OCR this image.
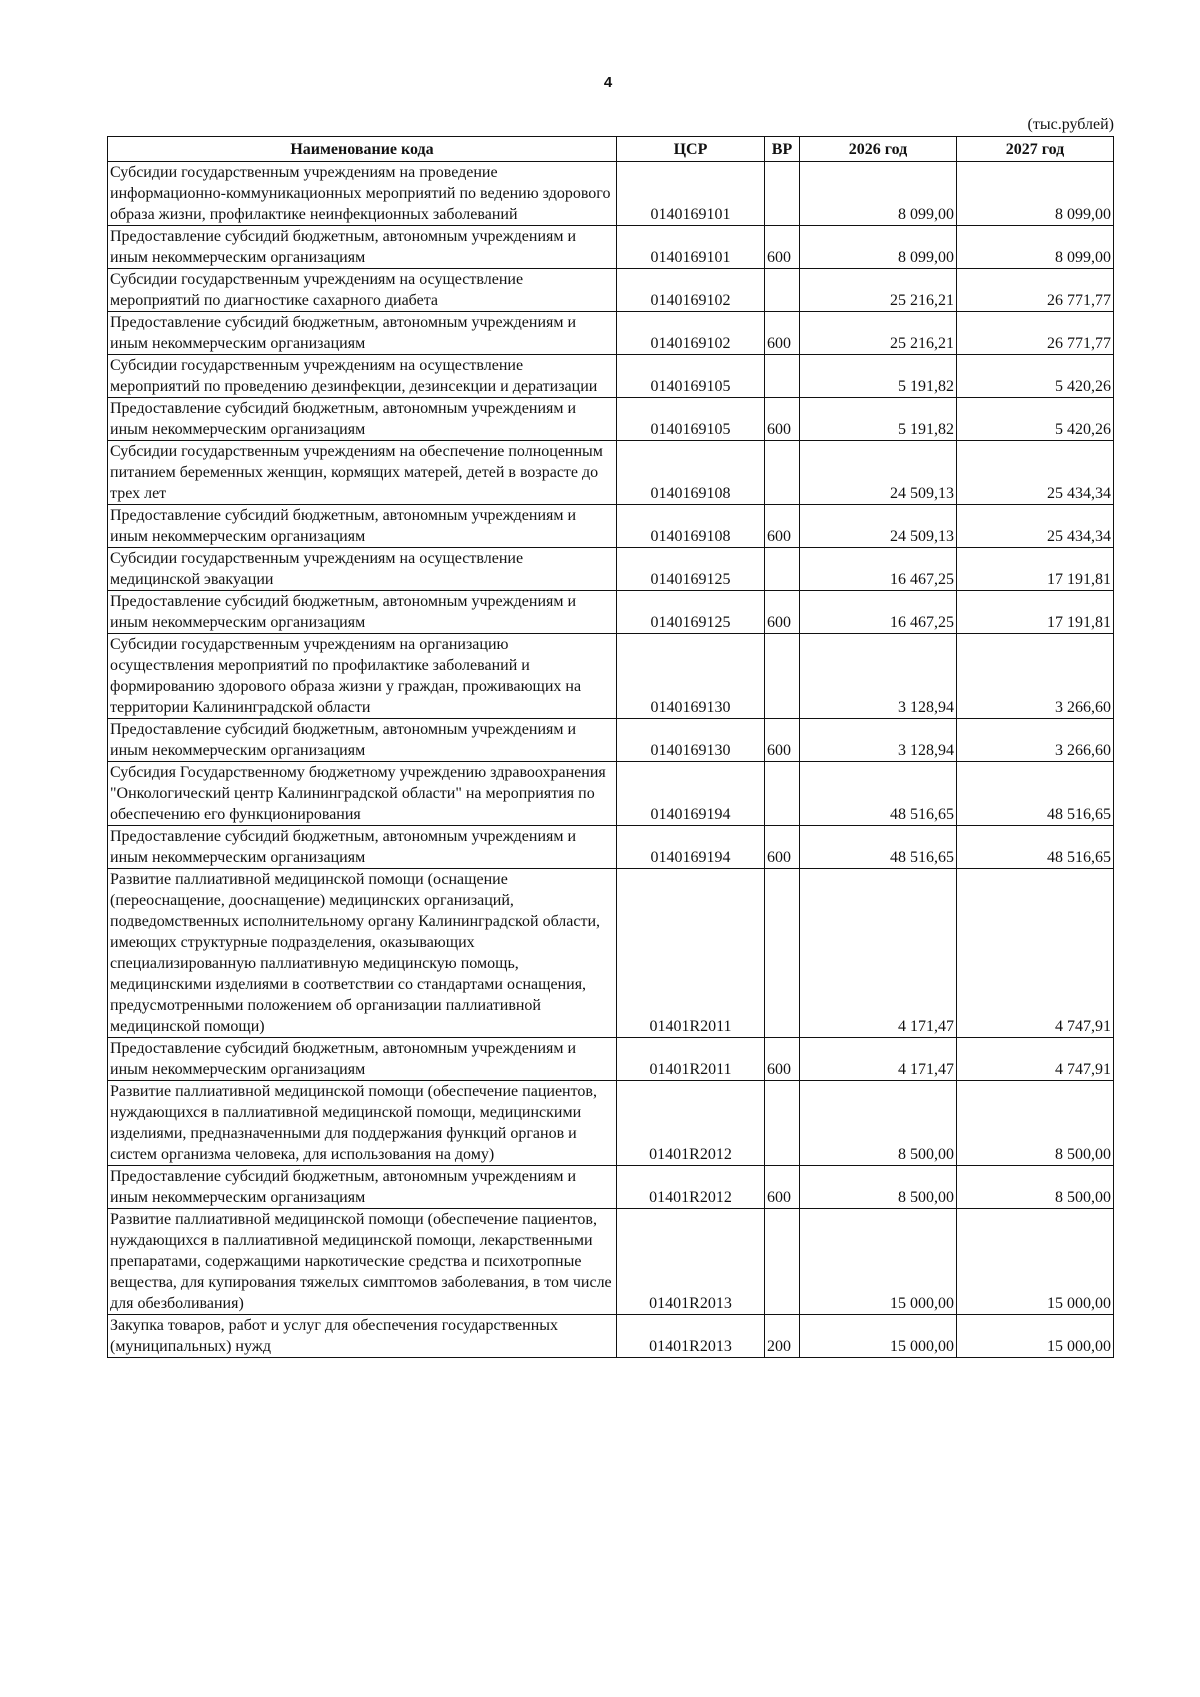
4
(тыс.рублей)
Наименование кода	ЦСР	ВР	2026 год	2027 год
Субсидии государственным учреждениям на проведение информационно-коммуникационных мероприятий по ведению здорового образа жизни, профилактике неинфекционных заболеваний	0140169101		8 099,00	8 099,00
Предоставление субсидий бюджетным, автономным учреждениям и иным некоммерческим организациям	0140169101	600	8 099,00	8 099,00
Субсидии государственным учреждениям на осуществление мероприятий по диагностике сахарного диабета	0140169102		25 216,21	26 771,77
Предоставление субсидий бюджетным, автономным учреждениям и иным некоммерческим организациям	0140169102	600	25 216,21	26 771,77
Субсидии государственным учреждениям на осуществление мероприятий по проведению дезинфекции, дезинсекции и дератизации	0140169105		5 191,82	5 420,26
Предоставление субсидий бюджетным, автономным учреждениям и иным некоммерческим организациям	0140169105	600	5 191,82	5 420,26
Субсидии государственным учреждениям на обеспечение полноценным питанием беременных женщин, кормящих матерей, детей в возрасте до трех лет	0140169108		24 509,13	25 434,34
Предоставление субсидий бюджетным, автономным учреждениям и иным некоммерческим организациям	0140169108	600	24 509,13	25 434,34
Субсидии государственным учреждениям на осуществление медицинской эвакуации	0140169125		16 467,25	17 191,81
Предоставление субсидий бюджетным, автономным учреждениям и иным некоммерческим организациям	0140169125	600	16 467,25	17 191,81
Субсидии государственным учреждениям на организацию осуществления мероприятий по профилактике заболеваний и формированию здорового образа жизни у граждан, проживающих на территории Калининградской области	0140169130		3 128,94	3 266,60
Предоставление субсидий бюджетным, автономным учреждениям и иным некоммерческим организациям	0140169130	600	3 128,94	3 266,60
Субсидия Государственному бюджетному учреждению здравоохранения "Онкологический центр Калининградской области" на мероприятия по обеспечению его функционирования	0140169194		48 516,65	48 516,65
Предоставление субсидий бюджетным, автономным учреждениям и иным некоммерческим организациям	0140169194	600	48 516,65	48 516,65
Развитие паллиативной медицинской помощи (оснащение (переоснащение, дооснащение) медицинских организаций, подведомственных исполнительному органу Калининградской области, имеющих структурные подразделения, оказывающих специализированную паллиативную медицинскую помощь, медицинскими изделиями в соответствии со стандартами оснащения, предусмотренными положением об организации паллиативной медицинской помощи)	01401R2011		4 171,47	4 747,91
Предоставление субсидий бюджетным, автономным учреждениям и иным некоммерческим организациям	01401R2011	600	4 171,47	4 747,91
Развитие паллиативной медицинской помощи (обеспечение пациентов, нуждающихся в паллиативной медицинской помощи, медицинскими изделиями, предназначенными для поддержания функций органов и систем организма человека, для использования на дому)	01401R2012		8 500,00	8 500,00
Предоставление субсидий бюджетным, автономным учреждениям и иным некоммерческим организациям	01401R2012	600	8 500,00	8 500,00
Развитие паллиативной медицинской помощи (обеспечение пациентов, нуждающихся в паллиативной медицинской помощи, лекарственными препаратами, содержащими наркотические средства и психотропные вещества, для купирования тяжелых симптомов заболевания, в том числе для обезболивания)	01401R2013		15 000,00	15 000,00
Закупка товаров, работ и услуг для обеспечения государственных (муниципальных) нужд	01401R2013	200	15 000,00	15 000,00
